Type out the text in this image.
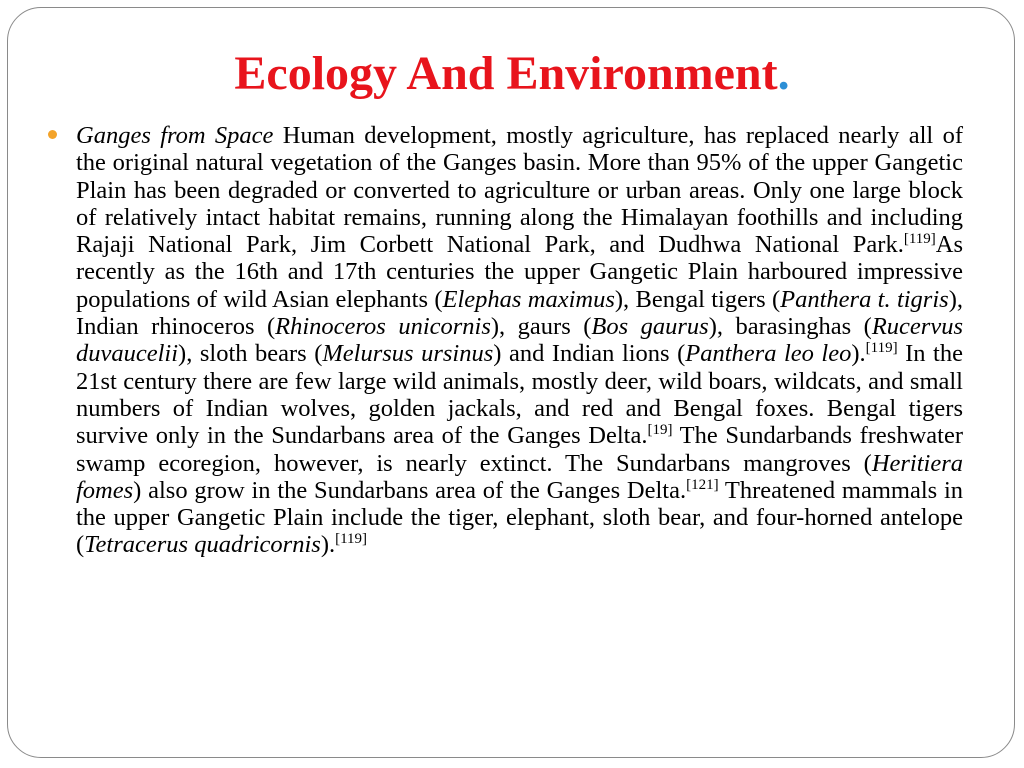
Ecology And Environment.

Ganges from Space Human development, mostly agriculture, has replaced nearly all of the original natural vegetation of the Ganges basin. More than 95% of the upper Gangetic Plain has been degraded or converted to agriculture or urban areas. Only one large block of relatively intact habitat remains, running along the Himalayan foothills and including Rajaji National Park, Jim Corbett National Park, and Dudhwa National Park.[119]As recently as the 16th and 17th centuries the upper Gangetic Plain harboured impressive populations of wild Asian elephants (Elephas maximus), Bengal tigers (Panthera t. tigris), Indian rhinoceros (Rhinoceros unicornis), gaurs (Bos gaurus), barasinghas (Rucervus duvaucelii), sloth bears (Melursus ursinus) and Indian lions (Panthera leo leo).[119] In the 21st century there are few large wild animals, mostly deer, wild boars, wildcats, and small numbers of Indian wolves, golden jackals, and red and Bengal foxes. Bengal tigers survive only in the Sundarbans area of the Ganges Delta.[19] The Sundarbands freshwater swamp ecoregion, however, is nearly extinct. The Sundarbans mangroves (Heritiera fomes) also grow in the Sundarbans area of the Ganges Delta.[121] Threatened mammals in the upper Gangetic Plain include the tiger, elephant, sloth bear, and four-horned antelope (Tetracerus quadricornis).[119]
